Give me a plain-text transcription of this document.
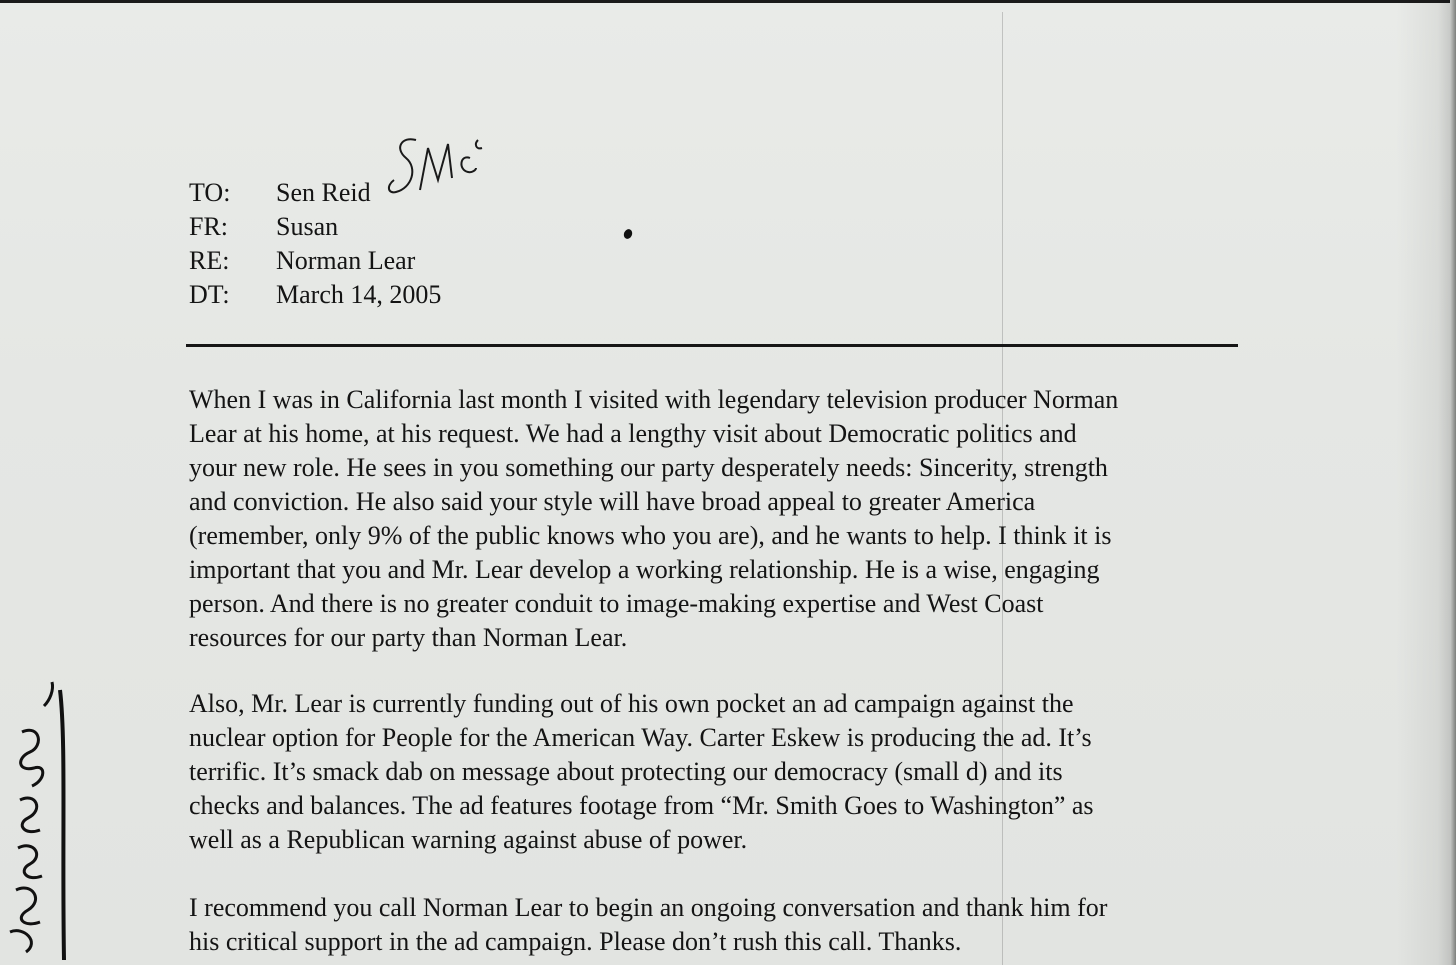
TO:	Sen Reid
FR:	Susan
RE:	Norman Lear
DT:	March 14, 2005

When I was in California last month I visited with legendary television producer Norman
Lear at his home, at his request. We had a lengthy visit about Democratic politics and
your new role. He sees in you something our party desperately needs: Sincerity, strength
and conviction. He also said your style will have broad appeal to greater America
(remember, only 9% of the public knows who you are), and he wants to help. I think it is
important that you and Mr. Lear develop a working relationship. He is a wise, engaging
person. And there is no greater conduit to image-making expertise and West Coast
resources for our party than Norman Lear.

Also, Mr. Lear is currently funding out of his own pocket an ad campaign against the
nuclear option for People for the American Way. Carter Eskew is producing the ad. It’s
terrific. It’s smack dab on message about protecting our democracy (small d) and its
checks and balances. The ad features footage from “Mr. Smith Goes to Washington” as
well as a Republican warning against abuse of power.

I recommend you call Norman Lear to begin an ongoing conversation and thank him for
his critical support in the ad campaign. Please don’t rush this call. Thanks.
